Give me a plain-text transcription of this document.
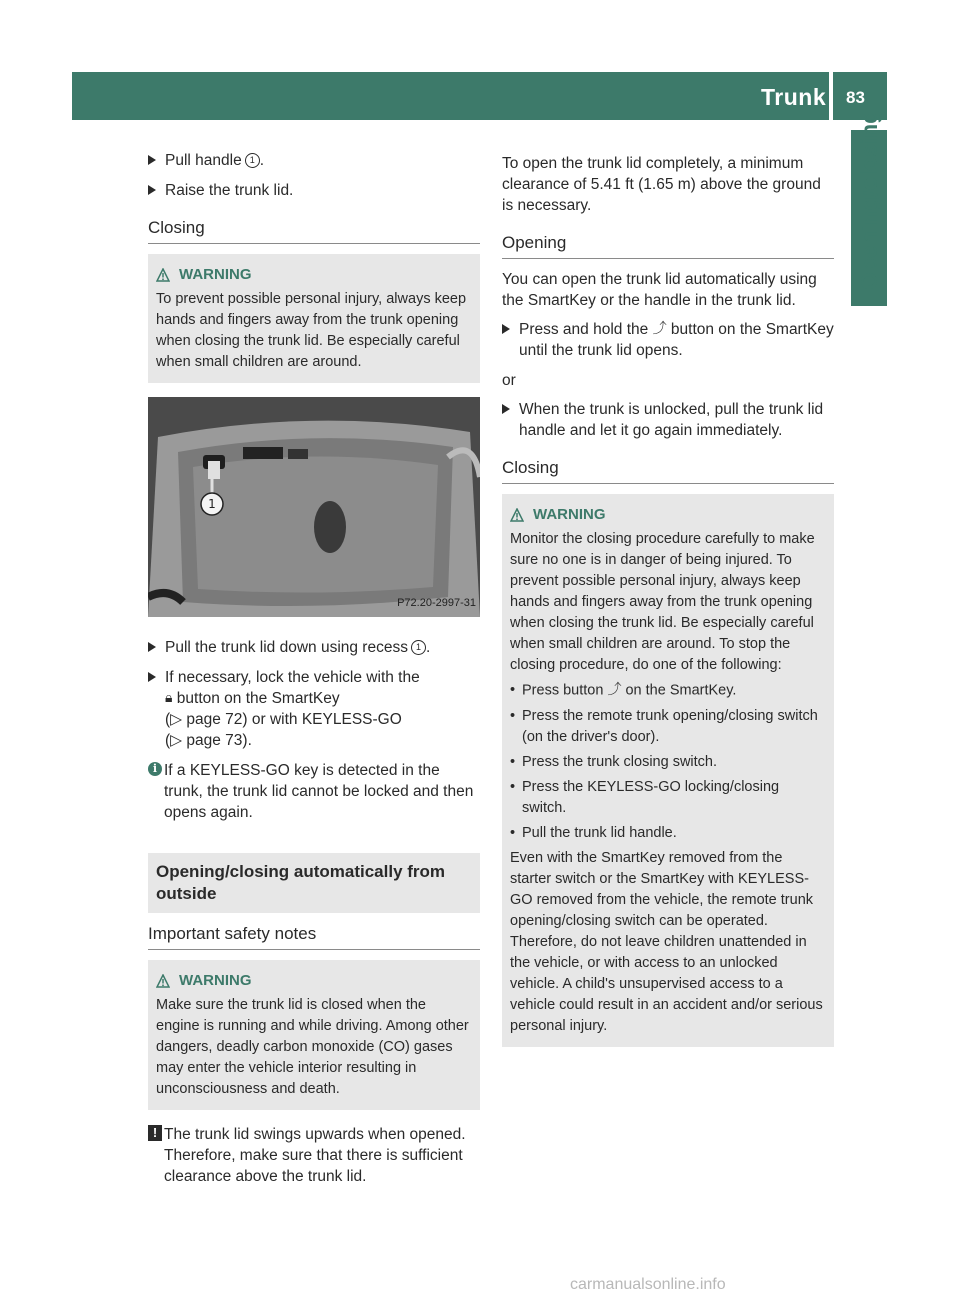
Trunk 83
Opening/closing
Pull handle 1 .
Raise the trunk lid.
Closing
WARNING

To prevent possible personal injury, always keep hands and fingers away from the trunk opening when closing the trunk lid. Be especially careful when small children are around.

1
P72.20-2997-31
Pull the trunk lid down using recess 1 .
If necessary, lock the vehicle with the
🔒︎ button on the SmartKey
(▷ page 72) or with KEYLESS-GO
(▷ page 73).
i If a KEYLESS-GO key is detected in the trunk, the trunk lid cannot be locked and then opens again.
Opening/closing automatically from outside
Important safety notes
WARNING

Make sure the trunk lid is closed when the engine is running and while driving. Among other dangers, deadly carbon monoxide (CO) gases may enter the vehicle interior resulting in unconsciousness and death.

! The trunk lid swings upwards when opened. Therefore, make sure that there is sufficient clearance above the trunk lid.

To open the trunk lid completely, a minimum clearance of 5.41 ft (1.65 m) above the ground is necessary.

Opening

You can open the trunk lid automatically using the SmartKey or the handle in the trunk lid.

Press and hold the ⤴ button on the SmartKey until the trunk lid opens.

or

When the trunk is unlocked, pull the trunk lid handle and let it go again immediately.
Closing
WARNING

Monitor the closing procedure carefully to make sure no one is in danger of being injured. To prevent possible personal injury, always keep hands and fingers away from the trunk opening when closing the trunk lid. Be especially careful when small children are around. To stop the closing procedure, do one of the following:

• Press button ⤴ on the SmartKey.
• Press the remote trunk opening/closing switch (on the driver's door).
• Press the trunk closing switch.
• Press the KEYLESS-GO locking/closing switch.
• Pull the trunk lid handle.

Even with the SmartKey removed from the starter switch or the SmartKey with KEYLESS-GO removed from the vehicle, the remote trunk opening/closing switch can be operated. Therefore, do not leave children unattended in the vehicle, or with access to an unlocked vehicle. A child's unsupervised access to a vehicle could result in an accident and/or serious personal injury.

carmanualsonline.info
